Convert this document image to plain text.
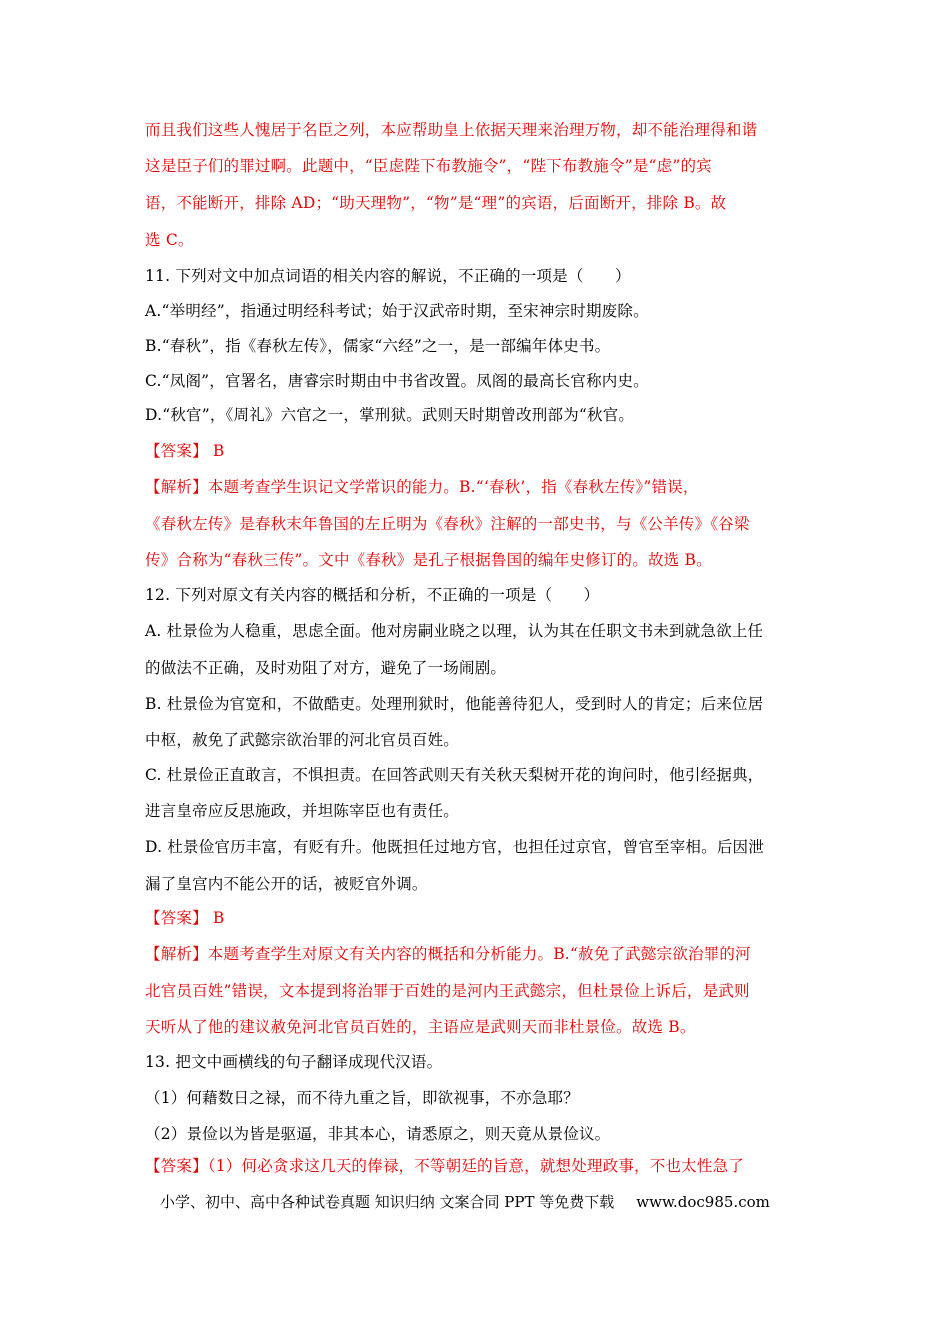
而且我们这些人愧居于名臣之列，本应帮助皇上依据天理来治理万物，却不能治理得和谐
这是臣子们的罪过啊。此题中，“臣虑陛下布教施令”，“陛下布教施令”是“虑”的宾
语，不能断开，排除 AD；“助天理物”，“物”是“理”的宾语，后面断开，排除 B。故
选 C。
11. 下列对文中加点词语的相关内容的解说，不正确的一项是（　　）
A.“举明经”，指通过明经科考试；始于汉武帝时期，至宋神宗时期废除。
B.“春秋”，指《春秋左传》，儒家“六经”之一，是一部编年体史书。
C.“凤阁”，官署名，唐睿宗时期由中书省改置。凤阁的最高长官称内史。
D.“秋官”，《周礼》六官之一，掌刑狱。武则天时期曾改刑部为“秋官。
【答案】 B
【解析】本题考查学生识记文学常识的能力。B.“‘春秋’，指《春秋左传》”错误，
《春秋左传》是春秋末年鲁国的左丘明为《春秋》注解的一部史书，与《公羊传》《谷梁
传》合称为“春秋三传”。文中《春秋》是孔子根据鲁国的编年史修订的。故选 B。
12. 下列对原文有关内容的概括和分析，不正确的一项是（　　）
A. 杜景俭为人稳重，思虑全面。他对房嗣业晓之以理，认为其在任职文书未到就急欲上任
的做法不正确，及时劝阻了对方，避免了一场闹剧。
B. 杜景俭为官宽和，不做酷吏。处理刑狱时，他能善待犯人，受到时人的肯定；后来位居
中枢，赦免了武懿宗欲治罪的河北官员百姓。
C. 杜景俭正直敢言，不惧担责。在回答武则天有关秋天梨树开花的询问时，他引经据典，
进言皇帝应反思施政，并坦陈宰臣也有责任。
D. 杜景俭官历丰富，有贬有升。他既担任过地方官，也担任过京官，曾官至宰相。后因泄
漏了皇宫内不能公开的话，被贬官外调。
【答案】 B
【解析】本题考查学生对原文有关内容的概括和分析能力。B.“赦免了武懿宗欲治罪的河
北官员百姓”错误，文本提到将治罪于百姓的是河内王武懿宗，但杜景俭上诉后，是武则
天听从了他的建议赦免河北官员百姓的，主语应是武则天而非杜景俭。故选 B。
13. 把文中画横线的句子翻译成现代汉语。
（1）何藉数日之禄，而不待九重之旨，即欲视事，不亦急耶？
（2）景俭以为皆是驱逼，非其本心，请悉原之，则天竟从景俭议。
【答案】（1）何必贪求这几天的俸禄，不等朝廷的旨意，就想处理政事，不也太性急了
小学、初中、高中各种试卷真题 知识归纳 文案合同 PPT 等免费下载 www.doc985.com
